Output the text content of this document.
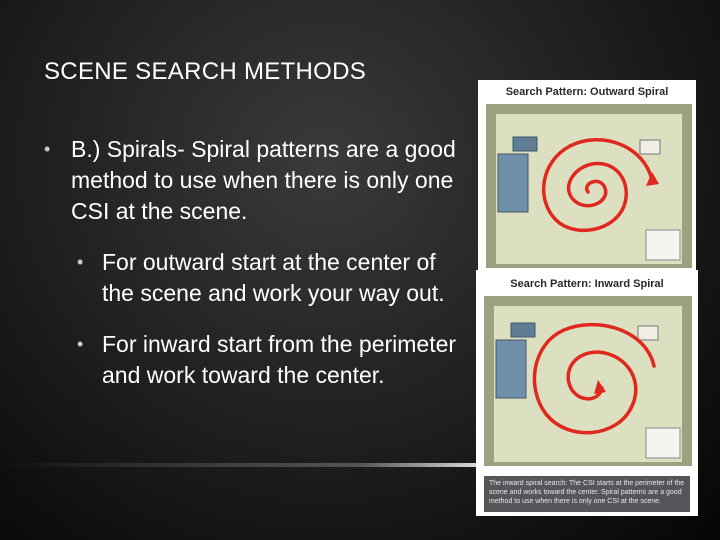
SCENE SEARCH METHODS
• B.) Spirals- Spiral patterns are a good method to use when there is only one CSI at the scene.
• For outward start at the center of the scene and work your way out.
• For inward start from the perimeter and work toward the center.
Search Pattern: Outward Spiral
Search Pattern: Inward Spiral
The inward spiral search: The CSI starts at the perimeter of the scene and works toward the center. Spiral patterns are a good method to use when there is only one CSI at the scene.
